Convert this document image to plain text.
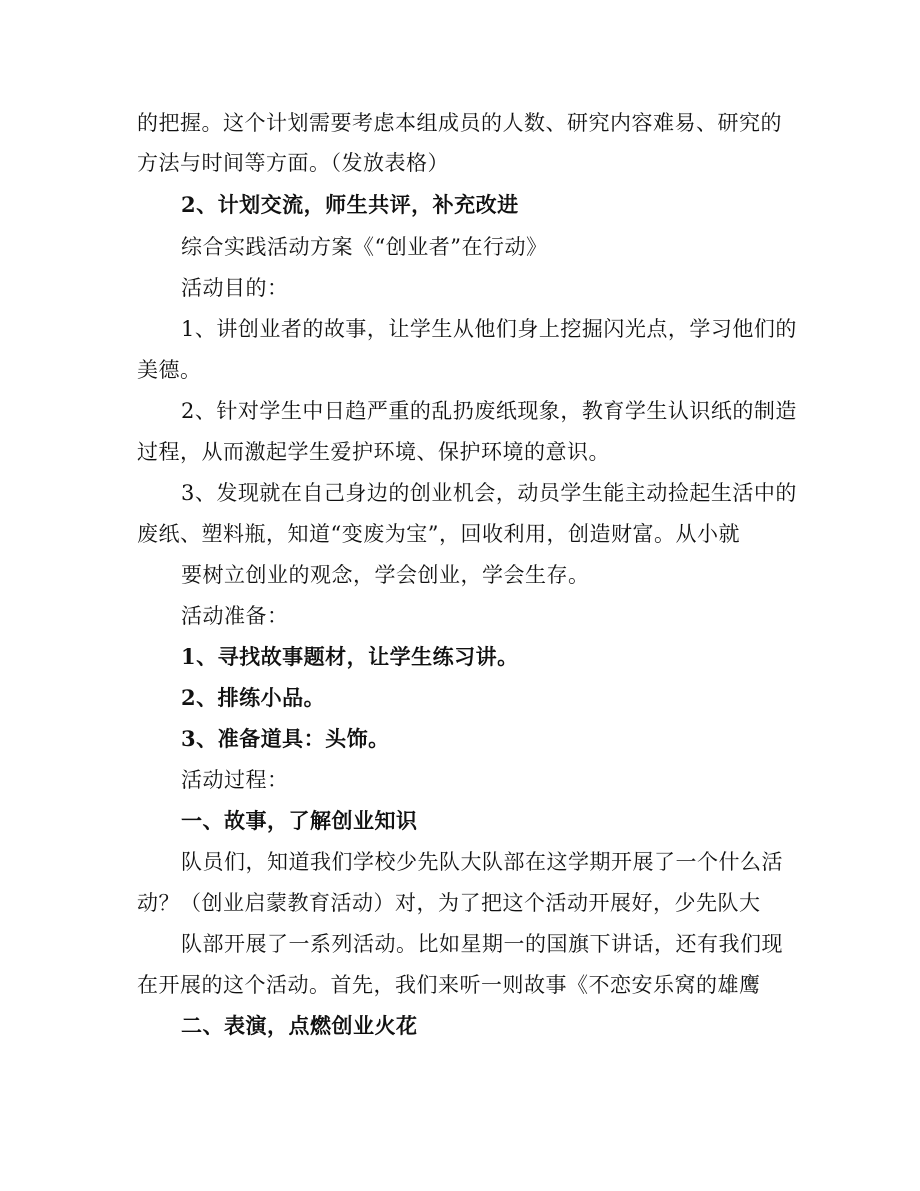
的把握。这个计划需要考虑本组成员的人数、研究内容难易、研究的
方法与时间等方面。（发放表格）
2、计划交流，师生共评，补充改进
综合实践活动方案《“创业者”在行动》
活动目的：
1、讲创业者的故事，让学生从他们身上挖掘闪光点，学习他们的
美德。
2、针对学生中日趋严重的乱扔废纸现象，教育学生认识纸的制造
过程，从而激起学生爱护环境、保护环境的意识。
3、发现就在自己身边的创业机会，动员学生能主动捡起生活中的
废纸、塑料瓶，知道“变废为宝”，回收利用，创造财富。从小就
要树立创业的观念，学会创业，学会生存。
活动准备：
1、寻找故事题材，让学生练习讲。
2、排练小品。
3、准备道具：头饰。
活动过程：
一、故事，了解创业知识
队员们，知道我们学校少先队大队部在这学期开展了一个什么活
动？（创业启蒙教育活动）对，为了把这个活动开展好，少先队大
队部开展了一系列活动。比如星期一的国旗下讲话，还有我们现
在开展的这个活动。首先，我们来听一则故事《不恋安乐窝的雄鹰
二、表演，点燃创业火花
